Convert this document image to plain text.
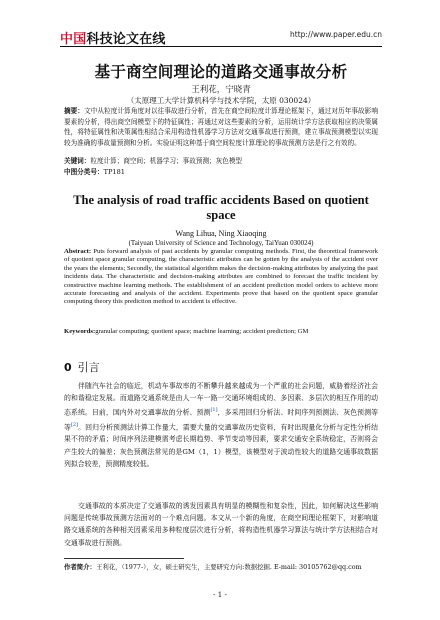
中国科技论文在线	http://www.paper.edu.cn
基于商空间理论的道路交通事故分析
王利花，宁晓青
（太原理工大学计算机科学与技术学院，太原 030024）
摘要：文中从粒度计算角度对以往事故进行分析，首先在商空间粒度计算理论框架下，通过对历年事故影响要素的分析，得出商空间模型下的特征属性；再通过对这些要素的分析，运用统计学方法获取相应的决策属性，将特征属性和决策属性相结合采用构造性机器学习方法对交通事故进行预测，建立事故预测模型以实现较为准确的事故量预测和分析。实验证明这种基于商空间粒度计算理论的事故预测方法是行之有效的。
关键词：粒度计算；商空间；机器学习；事故预测；灰色模型
中图分类号：TP181
The analysis of road traffic accidents Based on quotient space
Wang Lihua, Ning Xiaoqing
(Taiyuan University of Science and Technology, TaiYuan 030024)
Abstract: Puts forward analysis of past accidents by granular computing methods. First, the theoretical framework of quotient space granular computing, the characteristic attributes can be gotten by the analysis of the accident over the years the elements; Secondly, the statistical algorithm makes the decision-making attributes by analyzing the past incidents data. The characteristic and decision-making attributes are combined to forecast the traffic incident by constructive machine learning methods. The establishment of an accident prediction model orders to achieve more accurate forecasting and analysis of the accident. Experiments prove that based on the quotient space granular computing theory this prediction method to accident is effective.
Keywords:granular computing; quotient space; machine learning; accident prediction; GM
0 引言
伴随汽车社会的临近，机动车事故率的不断攀升越来越成为一个严重的社会问题，威胁着经济社会的和谐稳定发展。而道路交通系统是由人一车一路一交通环境组成的、多因素、多层次的相互作用的动态系统。目前，国内外对交通事故的分析、预测[1]，多采用回归分析法、时间序列预测法、灰色预测等等[2]。回归分析预测法计算工作量大，需要大量的交通事故历史资料，有时出现量化分析与定性分析结果不符的矛盾；时间序列法建模需考虑长期趋势、季节变动等因素，要求交通安全系统稳定，否则将会产生较大的偏差；灰色预测法常见的是GM（1，1）模型，该模型对于波动性较大的道路交通事故数据列拟合较差，预测精度较低。
交通事故的本质决定了交通事故的诱发因素具有明显的模糊性和复杂性，因此，如何解决这些影响问题是传统事故预测方法面对的一个难点问题。本文从一个新的角度，在商空间理论框架下，对影响道路交通系统的各种相关因素采用多种粒度层次进行分析，将构造性机器学习算法与统计学方法相结合对交通事故进行预测。
作者简介：王利花，（1977-），女，硕士研究生，主要研究方向:数据挖掘. E-mail: 30105762@qq.com
- 1 -
